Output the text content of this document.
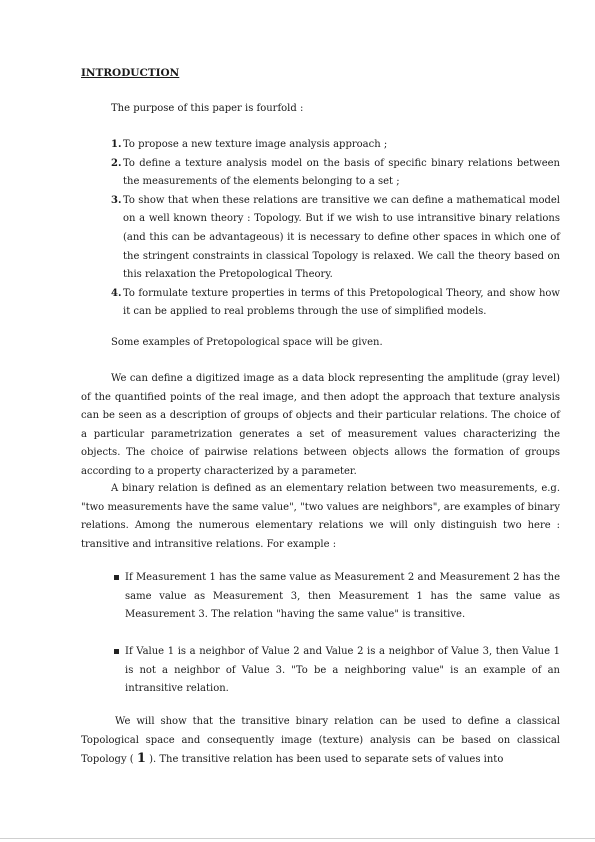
INTRODUCTION
The purpose of this paper is fourfold :
1. To propose a new texture image analysis approach ;
2. To define a texture analysis model on the basis of specific binary relations between the measurements of the elements belonging to a set ;
3. To show that when these relations are transitive we can define a mathematical model on a well known theory : Topology. But if we wish to use intransitive binary relations (and this can be advantageous) it is necessary to define other spaces in which one of the stringent constraints in classical Topology is relaxed. We call the theory based on this relaxation the Pretopological Theory.
4. To formulate texture properties in terms of this Pretopological Theory, and show how it can be applied to real problems through the use of simplified models.
Some examples of Pretopological space will be given.

We can define a digitized image as a data block representing the amplitude (gray level) of the quantified points of the real image, and then adopt the approach that texture analysis can be seen as a description of groups of objects and their particular relations. The choice of a particular parametrization generates a set of measurement values characterizing the objects. The choice of pairwise relations between objects allows the formation of groups according to a property characterized by a parameter.

A binary relation is defined as an elementary relation between two measurements, e.g. "two measurements have the same value", "two values are neighbors", are examples of binary relations. Among the numerous elementary relations we will only distinguish two here : transitive and intransitive relations. For example :

If Measurement 1 has the same value as Measurement 2 and Measurement 2 has the same value as Measurement 3, then Measurement 1 has the same value as Measurement 3. The relation "having the same value" is transitive.
If Value 1 is a neighbor of Value 2 and Value 2 is a neighbor of Value 3, then Value 1 is not a neighbor of Value 3. "To be a neighboring value" is an example of an intransitive relation.

We will show that the transitive binary relation can be used to define a classical Topological space and consequently image (texture) analysis can be based on classical Topology ( 1 ). The transitive relation has been used to separate sets of values into
